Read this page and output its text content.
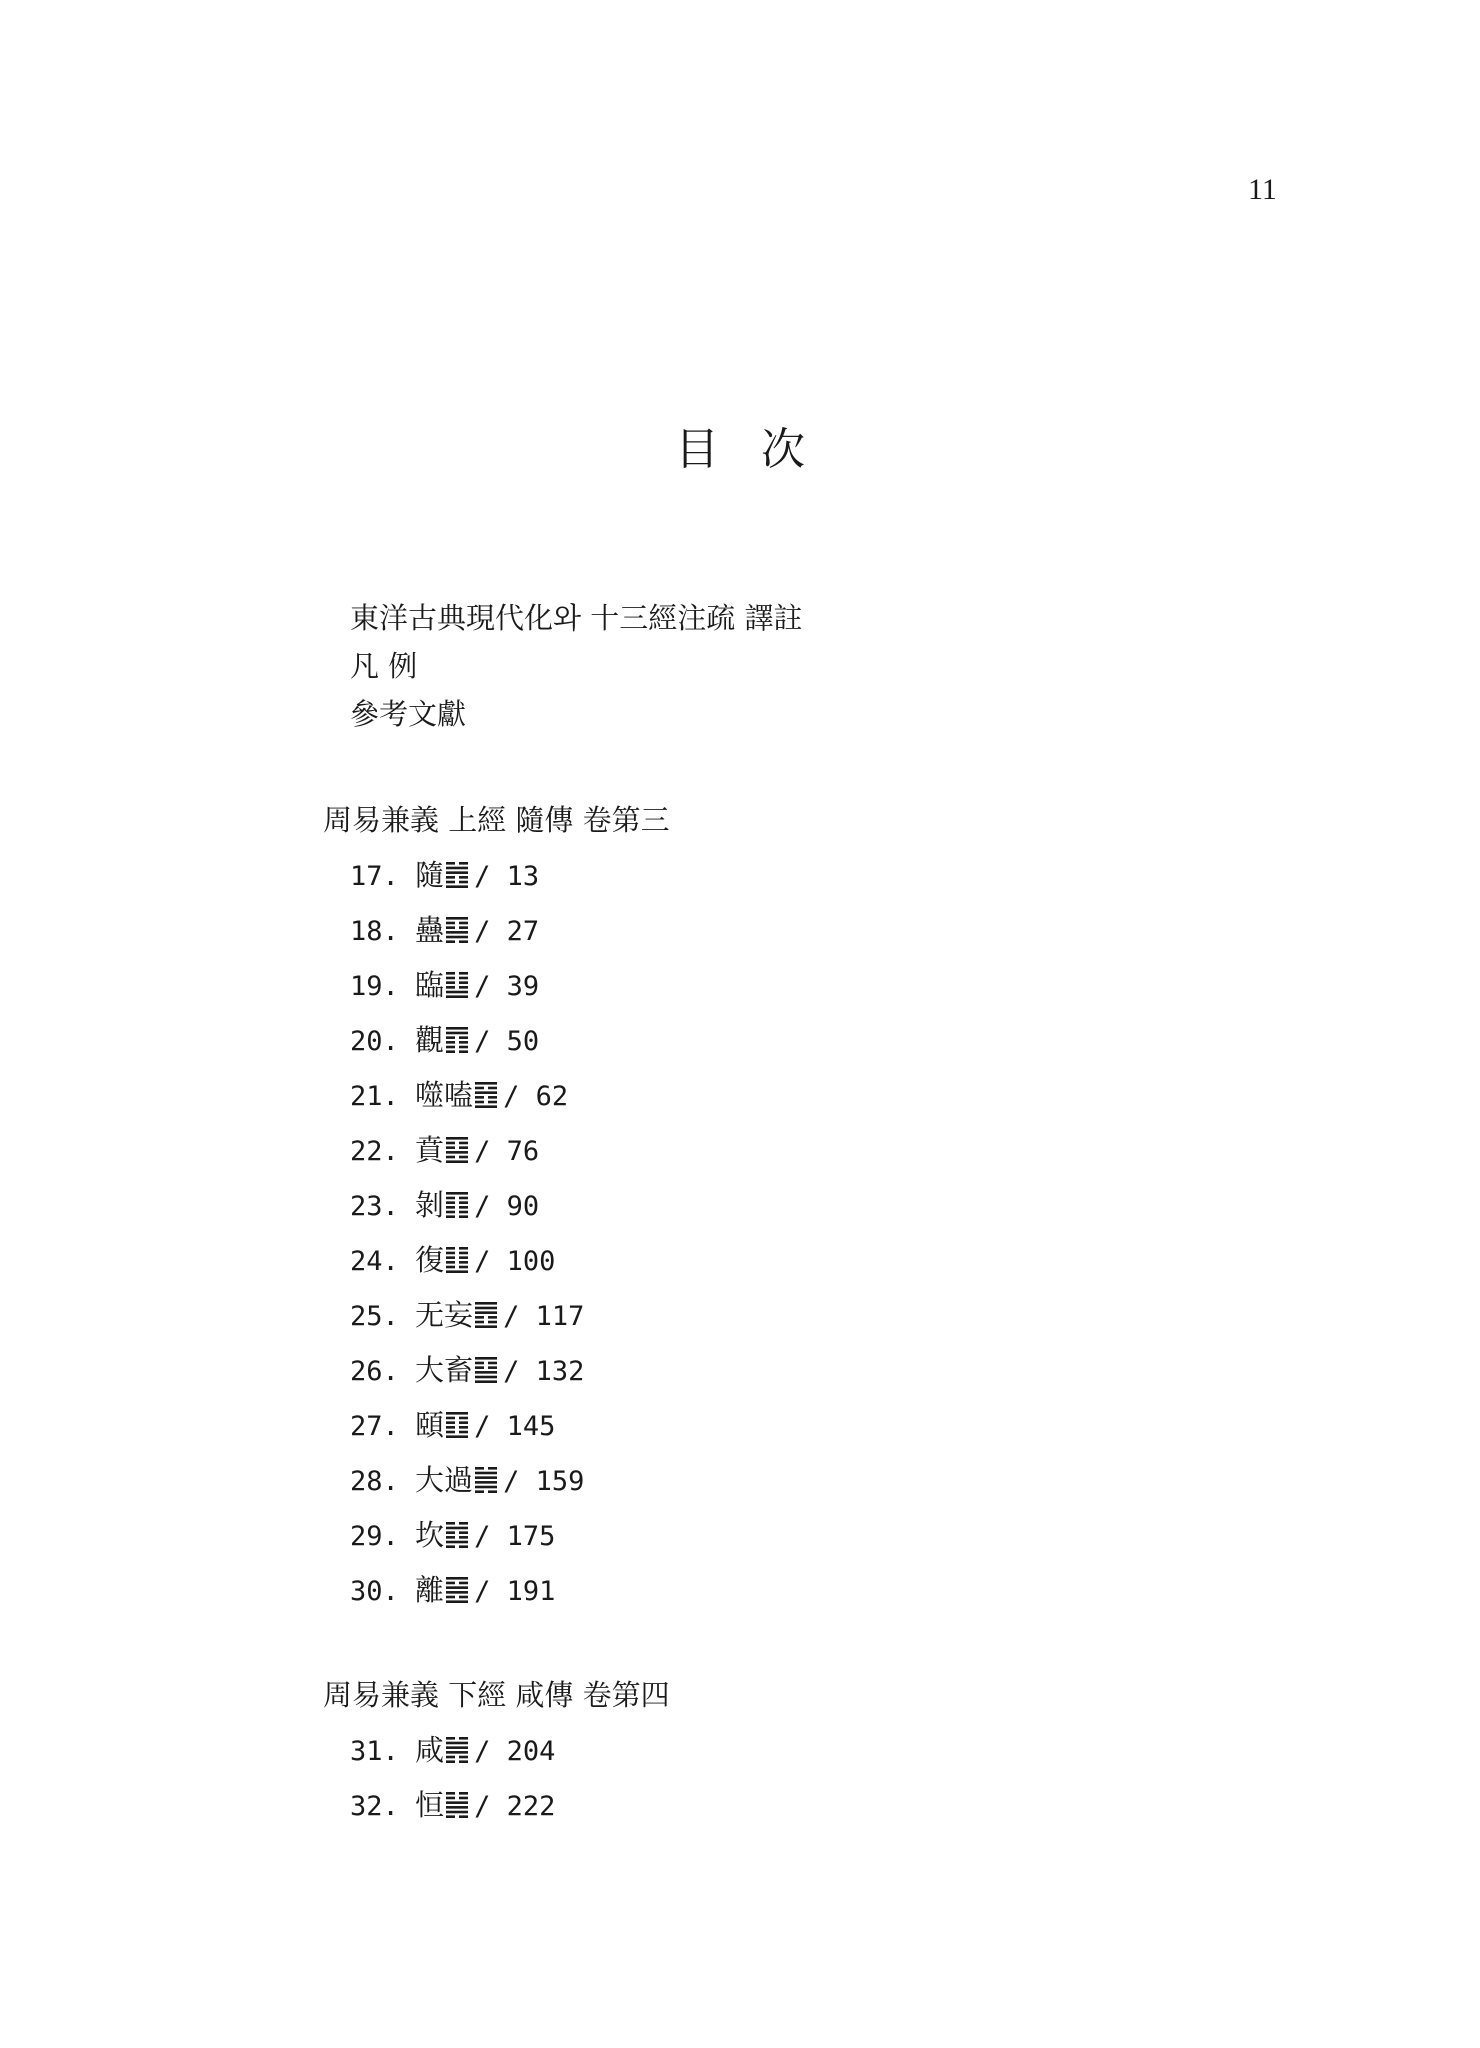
11
目 次
東洋古典現代化와 十三經注疏 譯註
凡 例
參考文獻
周易兼義 上經 隨傳 卷第三
17. 隨 / 13
18. 蠱 / 27
19. 臨 / 39
20. 觀 / 50
21. 噬嗑 / 62
22. 賁 / 76
23. 剝 / 90
24. 復 / 100
25. 无妄 / 117
26. 大畜 / 132
27. 頤 / 145
28. 大過 / 159
29. 坎 / 175
30. 離 / 191
周易兼義 下經 咸傳 卷第四
31. 咸 / 204
32. 恒 / 222
